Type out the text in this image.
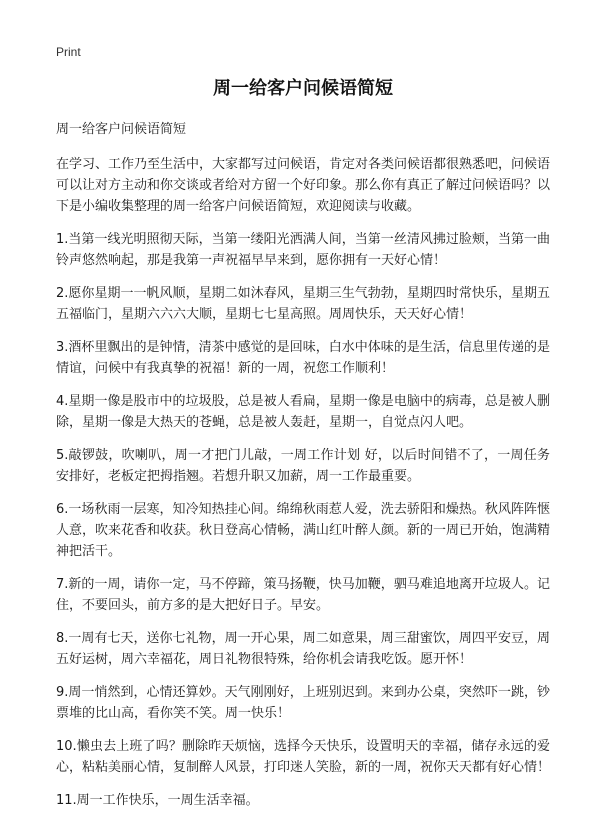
Print
周一给客户问候语简短

周一给客户问候语简短

在学习、工作乃至生活中，大家都写过问候语，肯定对各类问候语都很熟悉吧，问候语可以让对方主动和你交谈或者给对方留一个好印象。那么你有真正了解过问候语吗？以下是小编收集整理的周一给客户问候语简短，欢迎阅读与收藏。

1.当第一线光明照彻天际，当第一缕阳光洒满人间，当第一丝清风拂过脸颊，当第一曲铃声悠然响起，那是我第一声祝福早早来到，愿你拥有一天好心情！

2.愿你星期一一帆风顺，星期二如沐春风，星期三生气勃勃，星期四时常快乐，星期五五福临门，星期六六六大顺，星期七七星高照。周周快乐，天天好心情！

3.酒杯里飘出的是钟情，清茶中感觉的是回味，白水中体味的是生活，信息里传递的是情谊，问候中有我真挚的祝福！新的一周，祝您工作顺利！

4.星期一像是股市中的垃圾股，总是被人看扁，星期一像是电脑中的病毒，总是被人删除，星期一像是大热天的苍蝇，总是被人轰赶，星期一，自觉点闪人吧。

5.敲锣鼓，吹喇叭，周一才把门儿敲，一周工作计划 好，以后时间错不了，一周任务安排好，老板定把拇指翘。若想升职又加薪，周一工作最重要。

6.一场秋雨一层寒，知冷知热挂心间。绵绵秋雨惹人爱，洗去骄阳和燥热。秋风阵阵惬人意，吹来花香和收获。秋日登高心情畅，满山红叶醉人颜。新的一周已开始，饱满精神把活干。

7.新的一周，请你一定，马不停蹄，策马扬鞭，快马加鞭，驷马难追地离开垃圾人。记住，不要回头，前方多的是大把好日子。早安。

8.一周有七天，送你七礼物，周一开心果，周二如意果，周三甜蜜饮，周四平安豆，周五好运树，周六幸福花，周日礼物很特殊，给你机会请我吃饭。愿开怀！

9.周一悄然到，心情还算妙。天气刚刚好，上班别迟到。来到办公桌，突然吓一跳，钞票堆的比山高，看你笑不笑。周一快乐！

10.懒虫去上班了吗？删除昨天烦恼，选择今天快乐，设置明天的幸福，储存永远的爱心，粘粘美丽心情，复制醉人风景，打印迷人笑脸，新的一周，祝你天天都有好心情！

11.周一工作快乐，一周生活幸福。
